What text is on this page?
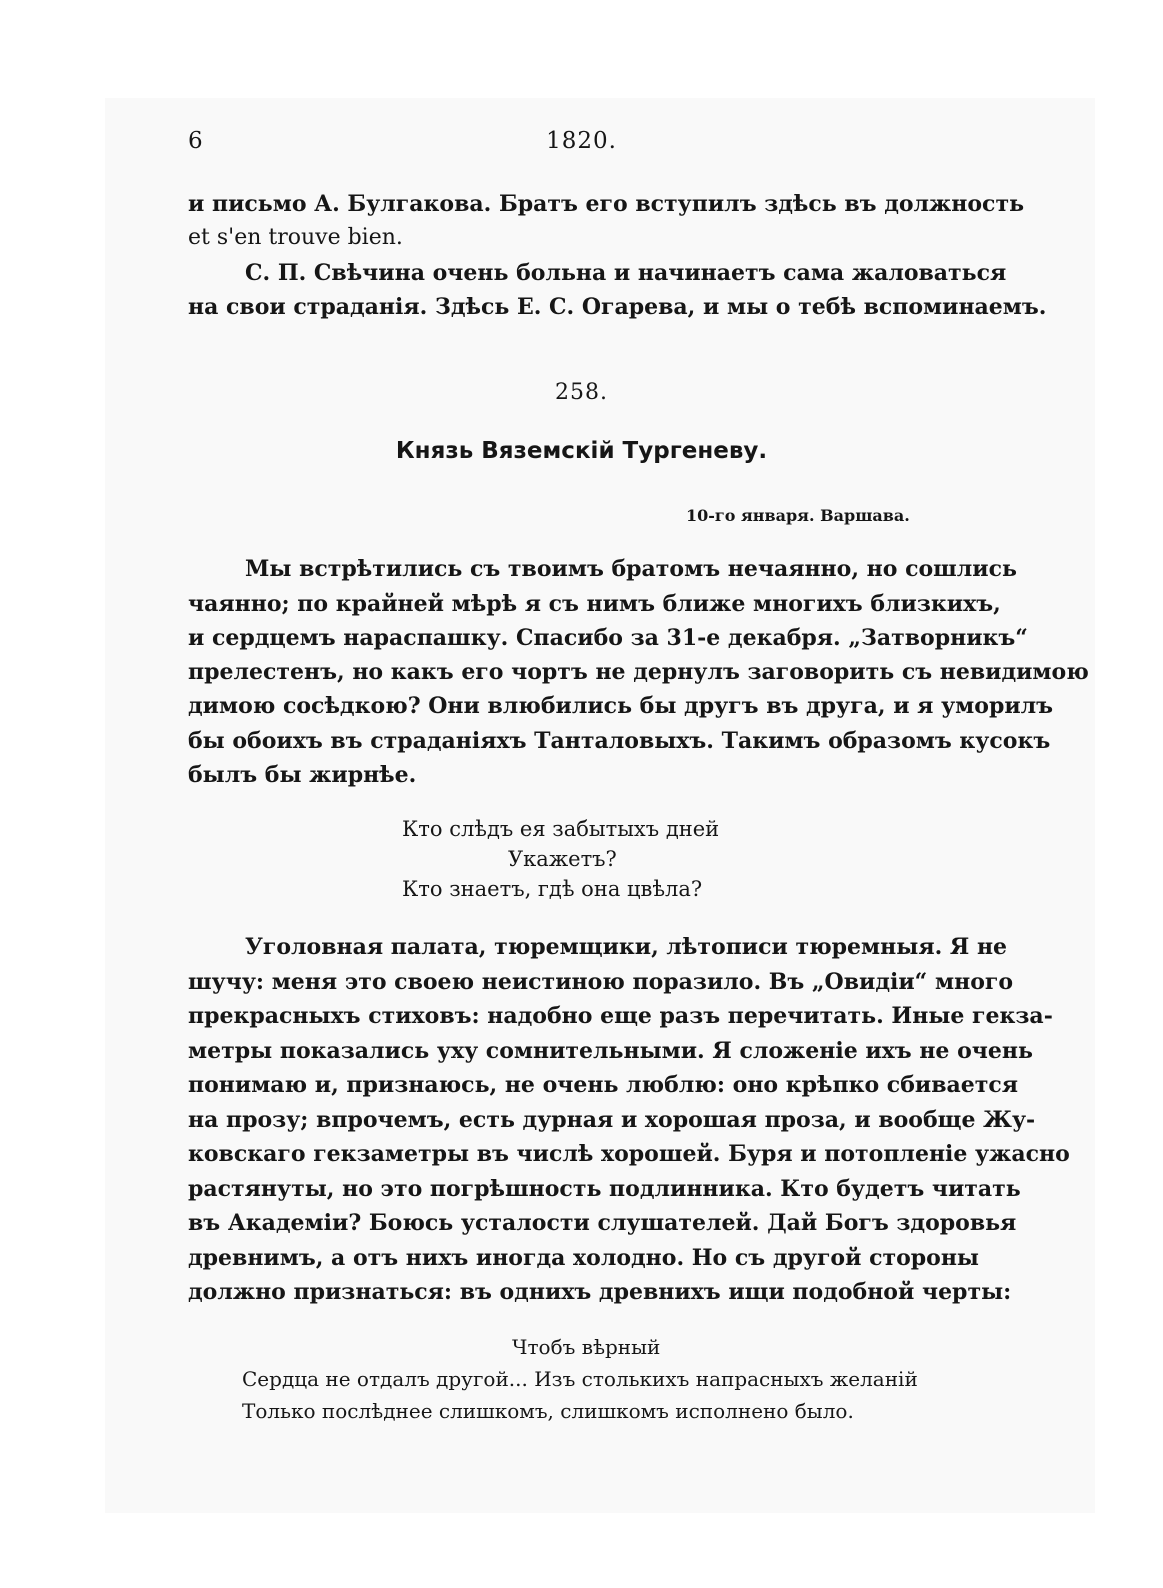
6	1820.
и письмо А. Булгакова. Братъ его вступилъ здѣсь въ должность
et s'en trouve bien.
С. П. Свѣчина очень больна и начинаетъ сама жаловаться
на свои страданія. Здѣсь Е. С. Огарева, и мы о тебѣ вспоминаемъ.
258.
Князь Вяземскій Тургеневу.
10-го января. Варшава.
Мы встрѣтились съ твоимъ братомъ нечаянно, но сошлись
чаянно; по крайней мѣрѣ я съ нимъ ближе многихъ близкихъ,
и сердцемъ нараспашку. Спасибо за 31-е декабря. „Затворникъ“
прелестенъ, но какъ его чортъ не дернулъ заговорить съ невидимою
димою сосѣдкою? Они влюбились бы другъ въ друга, и я уморилъ
бы обоихъ въ страданіяхъ Танталовыхъ. Такимъ образомъ кусокъ
былъ бы жирнѣе.
Кто слѣдъ ея забытыхъ дней
Укажетъ?
Кто знаетъ, гдѣ она цвѣла?
Уголовная палата, тюремщики, лѣтописи тюремныя. Я не
шучу: меня это своею неистиною поразило. Въ „Овидіи“ много
прекрасныхъ стиховъ: надобно еще разъ перечитать. Иные гекза-
метры показались уху сомнительными. Я сложеніе ихъ не очень
понимаю и, признаюсь, не очень люблю: оно крѣпко сбивается
на прозу; впрочемъ, есть дурная и хорошая проза, и вообще Жу-
ковскаго гекзаметры въ числѣ хорошей. Буря и потопленіе ужасно
растянуты, но это погрѣшность подлинника. Кто будетъ читать
въ Академіи? Боюсь усталости слушателей. Дай Богъ здоровья
древнимъ, а отъ нихъ иногда холодно. Но съ другой стороны
должно признаться: въ однихъ древнихъ ищи подобной черты:
Чтобъ вѣрный
Сердца не отдалъ другой... Изъ столькихъ напрасныхъ желаній
Только послѣднее слишкомъ, слишкомъ исполнено было.
